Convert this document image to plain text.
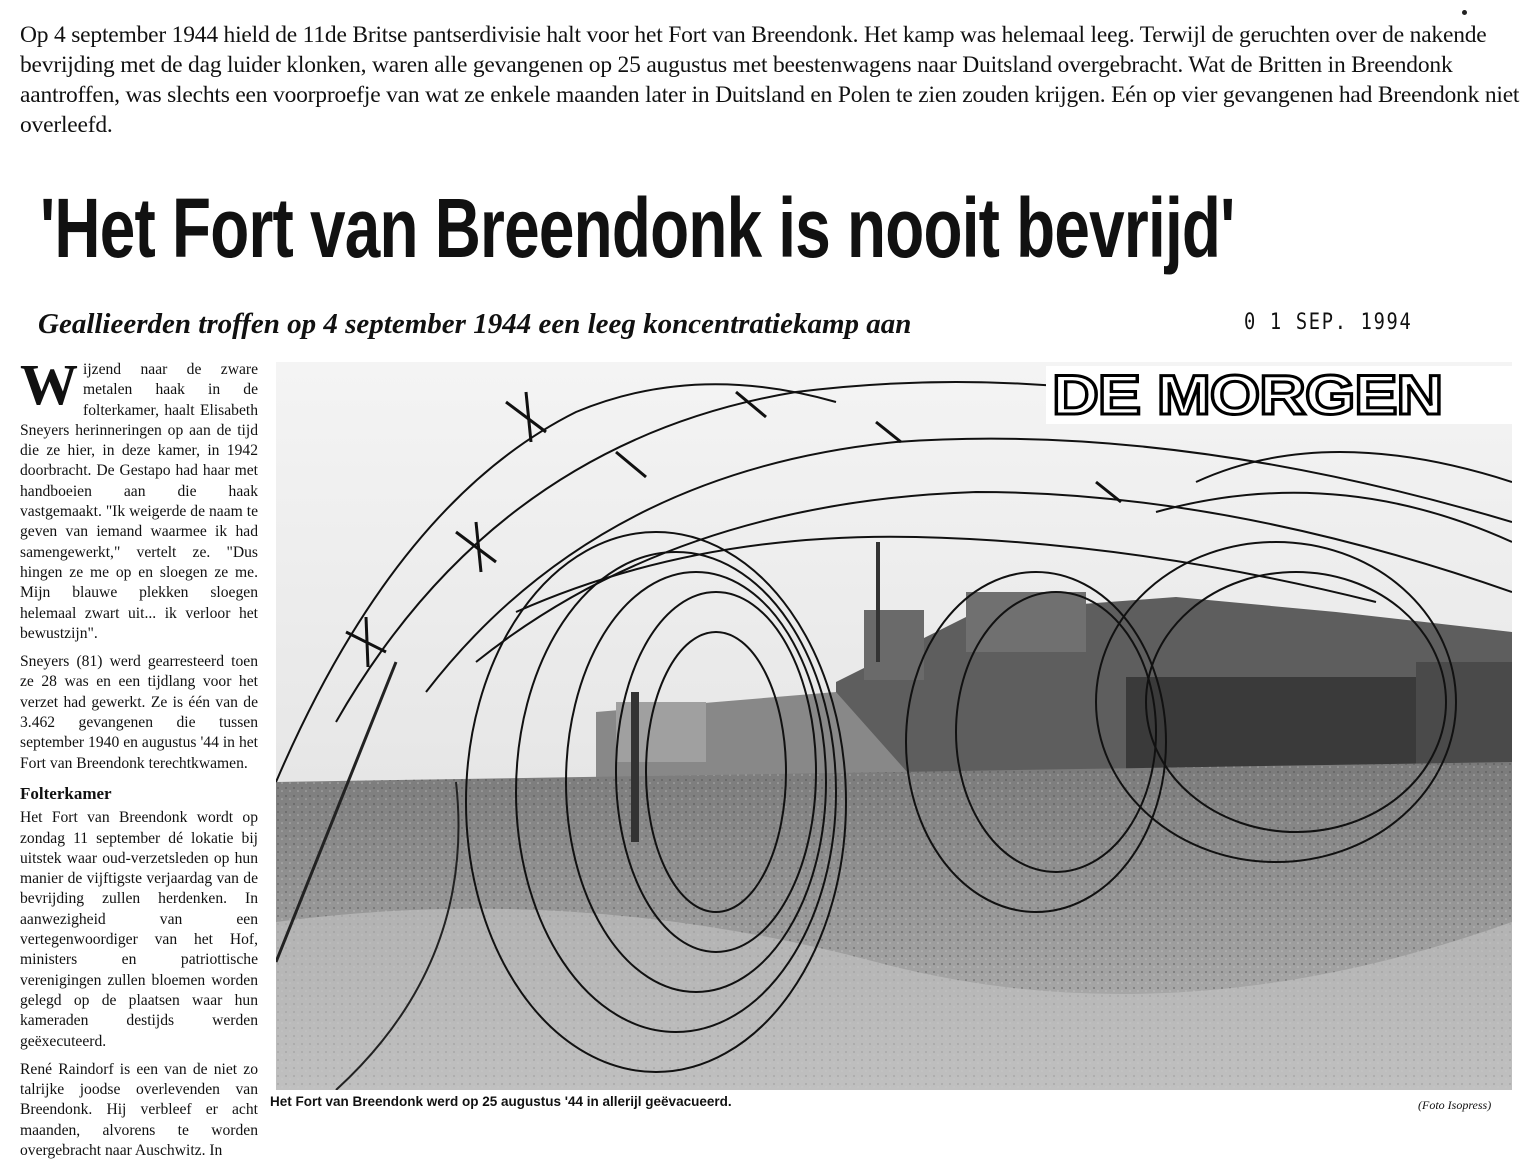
Op 4 september 1944 hield de 11de Britse pantserdivisie halt voor het Fort van Breendonk. Het kamp was helemaal leeg. Terwijl de geruchten over de nakende bevrijding met de dag luider klonken, waren alle gevangenen op 25 augustus met beestenwagens naar Duitsland overgebracht. Wat de Britten in Breendonk aantroffen, was slechts een voorproefje van wat ze enkele maanden later in Duitsland en Polen te zien zouden krijgen. Eén op vier gevangenen had Breendonk niet overleefd.
'Het Fort van Breendonk is nooit bevrijd'
Geallieerden troffen op 4 september 1944 een leeg koncentratiekamp aan	0 1 SEP. 1994

Wijzend naar de zware metalen haak in de folterkamer, haalt Elisabeth Sneyers herinneringen op aan de tijd die ze hier, in deze kamer, in 1942 doorbracht. De Gestapo had haar met handboeien aan die haak vastgemaakt. "Ik weigerde de naam te geven van iemand waarmee ik had samengewerkt," vertelt ze. "Dus hingen ze me op en sloegen ze me. Mijn blauwe plekken sloegen helemaal zwart uit... ik verloor het bewustzijn".

Sneyers (81) werd gearresteerd toen ze 28 was en een tijdlang voor het verzet had gewerkt. Ze is één van de 3.462 gevangenen die tussen september 1940 en augustus '44 in het Fort van Breendonk terechtkwamen.

Folterkamer

Het Fort van Breendonk wordt op zondag 11 september dé lokatie bij uitstek waar oud-verzetsleden op hun manier de vijftigste verjaardag van de bevrijding zullen herdenken. In aanwezigheid van een vertegenwoordiger van het Hof, ministers en patriottische verenigingen zullen bloemen worden gelegd op de plaatsen waar hun kameraden destijds werden geëxecuteerd.

René Raindorf is een van de niet zo talrijke joodse overlevenden van Breendonk. Hij verbleef er acht maanden, alvorens te worden overgebracht naar Auschwitz. In

DE MORGEN
Het Fort van Breendonk werd op 25 augustus '44 in allerijl geëvacueerd.	(Foto Isopress)
